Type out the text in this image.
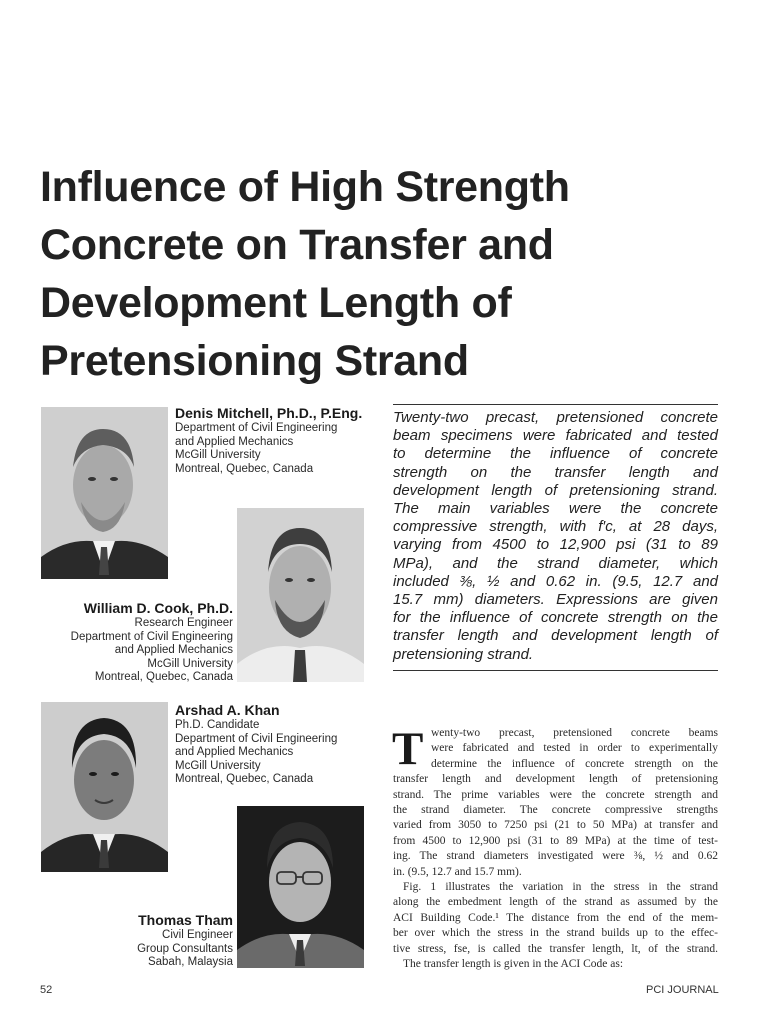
Influence of High Strength
Concrete on Transfer and
Development Length of
Pretensioning Strand
Denis Mitchell, Ph.D., P.Eng.
Department of Civil Engineering
and Applied Mechanics
McGill University
Montreal, Quebec, Canada
William D. Cook, Ph.D.
Research Engineer
Department of Civil Engineering
and Applied Mechanics
McGill University
Montreal, Quebec, Canada
Arshad A. Khan
Ph.D. Candidate
Department of Civil Engineering
and Applied Mechanics
McGill University
Montreal, Quebec, Canada
Thomas Tham
Civil Engineer
Group Consultants
Sabah, Malaysia
Twenty-two precast, pretensioned concrete
beam specimens were fabricated and tested
to determine the influence of concrete
strength on the transfer length and
development length of pretensioning strand.
The main variables were the concrete
compressive strength, with f′c, at 28 days,
varying from 4500 to 12,900 psi (31 to 89
MPa), and the strand diameter, which
included ⅜, ½ and 0.62 in. (9.5, 12.7 and
15.7 mm) diameters. Expressions are given
for the influence of concrete strength on the
transfer length and development length of
pretensioning strand.
T wenty-two precast, pretensioned concrete beams
were fabricated and tested in order to experimentally
determine the influence of concrete strength on the
transfer length and development length of pretensioning
strand. The prime variables were the concrete strength and
the strand diameter. The concrete compressive strengths
varied from 3050 to 7250 psi (21 to 50 MPa) at transfer and
from 4500 to 12,900 psi (31 to 89 MPa) at the time of test-
ing. The strand diameters investigated were ⅜, ½ and 0.62
in. (9.5, 12.7 and 15.7 mm).
Fig. 1 illustrates the variation in the stress in the strand
along the embedment length of the strand as assumed by the
ACI Building Code.¹ The distance from the end of the mem-
ber over which the stress in the strand builds up to the effec-
tive stress, fse, is called the transfer length, lt, of the strand.
The transfer length is given in the ACI Code as:
52	PCI JOURNAL
